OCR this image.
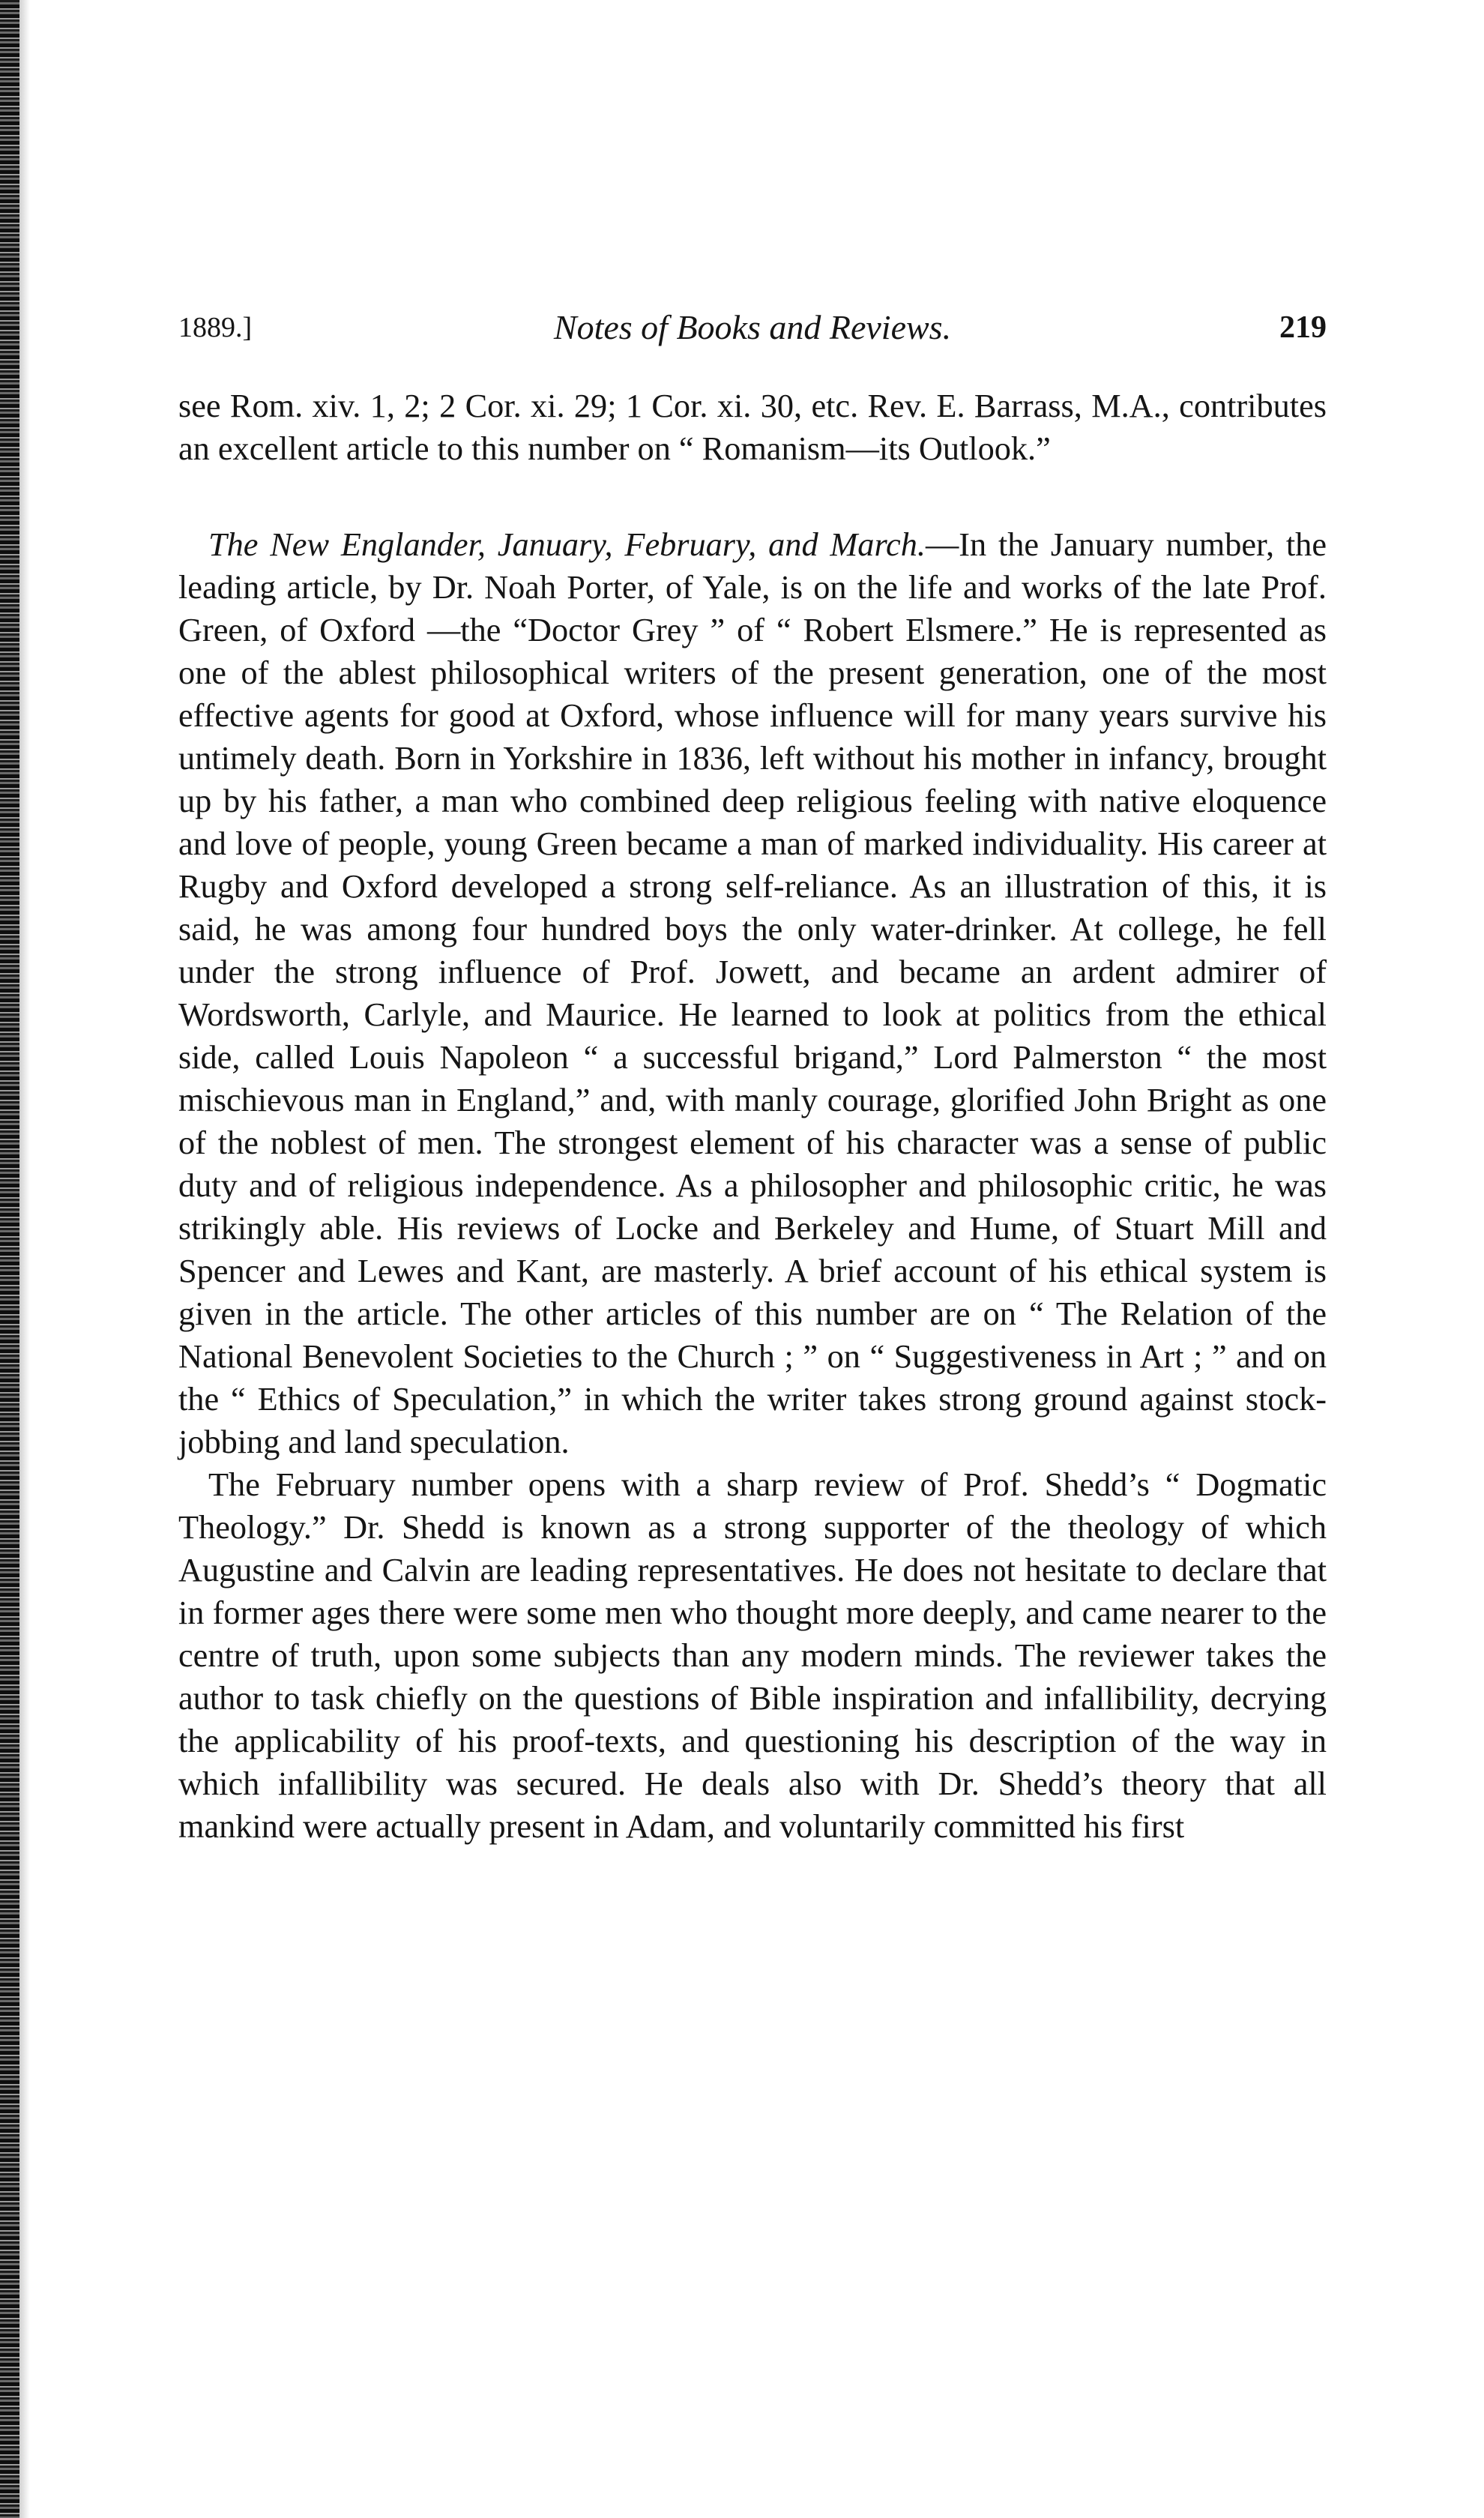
1889.]	Notes of Books and Reviews.	219

see Rom. xiv. 1, 2; 2 Cor. xi. 29; 1 Cor. xi. 30, etc. Rev. E. Barrass, M.A., contributes an excellent article to this number on “ Romanism—its Outlook.”

The New Englander, January, February, and March.—In the January number, the leading article, by Dr. Noah Porter, of Yale, is on the life and works of the late Prof. Green, of Oxford —the “Doctor Grey ” of “ Robert Elsmere.” He is represented as one of the ablest philosophical writers of the present generation, one of the most effective agents for good at Oxford, whose influence will for many years survive his untimely death. Born in Yorkshire in 1836, left without his mother in infancy, brought up by his father, a man who combined deep religious feeling with native eloquence and love of people, young Green became a man of marked individuality. His career at Rugby and Oxford developed a strong self-reliance. As an illustration of this, it is said, he was among four hundred boys the only water-drinker. At college, he fell under the strong influence of Prof. Jowett, and became an ardent admirer of Wordsworth, Carlyle, and Maurice. He learned to look at politics from the ethical side, called Louis Napoleon “ a successful brigand,” Lord Palmerston “ the most mischievous man in England,” and, with manly courage, glorified John Bright as one of the noblest of men. The strongest element of his character was a sense of public duty and of religious independence. As a philosopher and philosophic critic, he was strikingly able. His reviews of Locke and Berkeley and Hume, of Stuart Mill and Spencer and Lewes and Kant, are masterly. A brief account of his ethical system is given in the article. The other articles of this number are on “ The Relation of the National Benevolent Societies to the Church ; ” on “ Suggestiveness in Art ; ” and on the “ Ethics of Speculation,” in which the writer takes strong ground against stock-jobbing and land speculation.

The February number opens with a sharp review of Prof. Shedd’s “ Dogmatic Theology.” Dr. Shedd is known as a strong supporter of the theology of which Augustine and Calvin are leading representatives. He does not hesitate to declare that in former ages there were some men who thought more deeply, and came nearer to the centre of truth, upon some subjects than any modern minds. The reviewer takes the author to task chiefly on the questions of Bible inspiration and infallibility, decrying the applicability of his proof-texts, and questioning his description of the way in which infallibility was secured. He deals also with Dr. Shedd’s theory that all mankind were actually present in Adam, and voluntarily committed his first
